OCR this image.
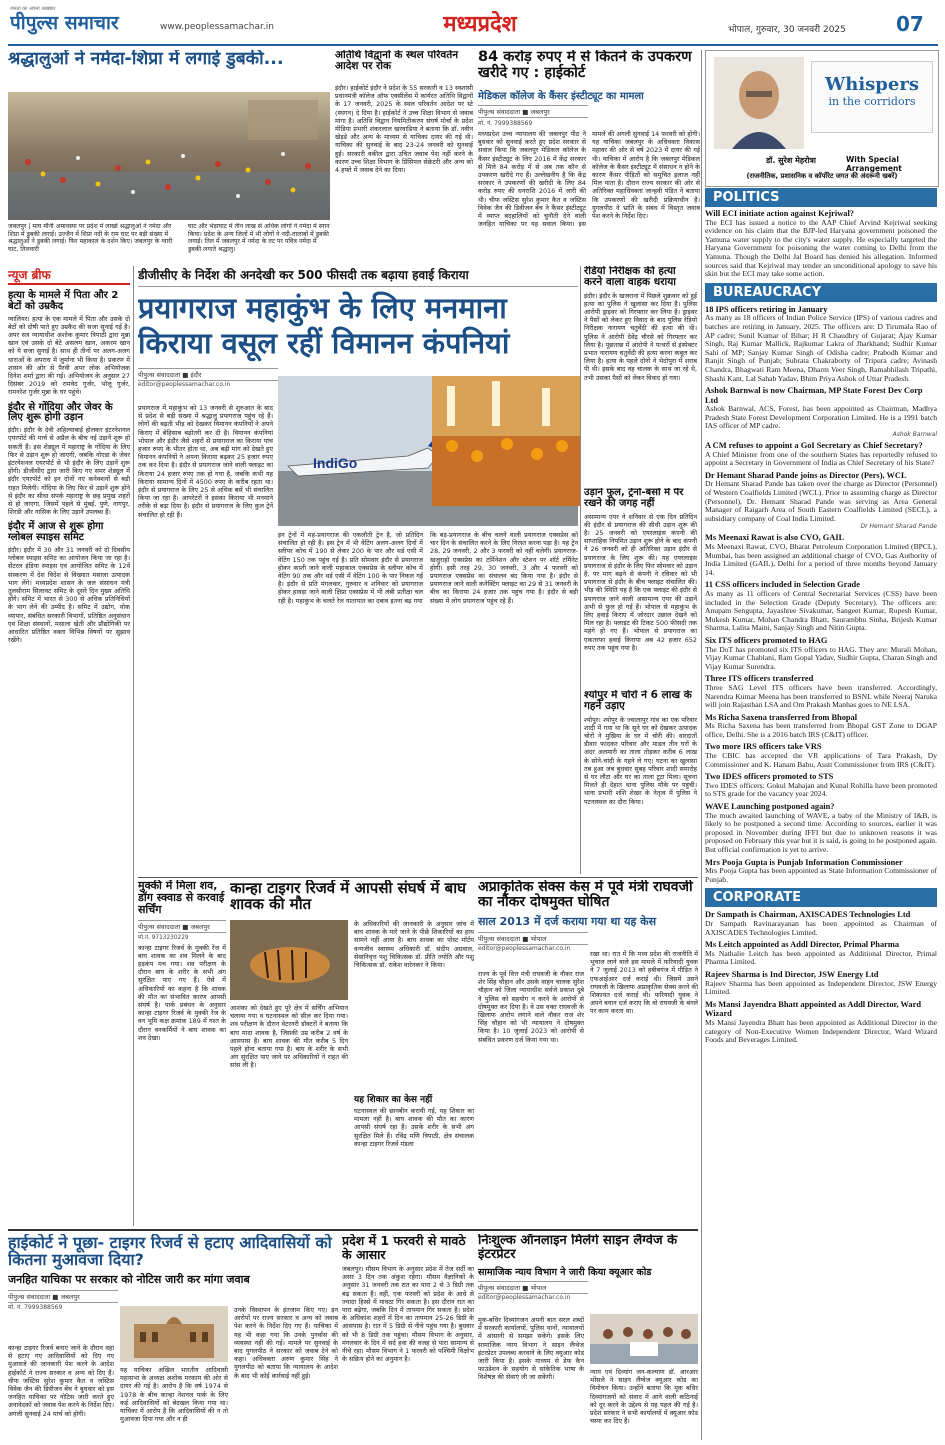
जनता का अपना अखबार
पीपुल्स समाचार	www.peoplessamachar.in	मध्यप्रदेश	भोपाल, गुरुवार, 30 जनवरी 2025	07
श्रद्धालुओं ने नर्मदा-शिप्रा में लगाई डुबकी...
जबलपुर | माघ मौनी अमावस्या पर प्रदेश में लाखों श्रद्धालुओं ने नर्मदा और शिप्रा में डुबकी लगाई। उज्जैन में शिप्रा नदी के राम घाट पर बड़ी संख्या में श्रद्धालुओं ने डुबकी लगाई। फिर महाकाल के दर्शन किए। जबलपुर के ग्वारी घाट, तिलवारी
घाट और भेड़ाघाट में तीन लाख से अधिक लोगों ने नर्मदा में स्नान किया। प्रदेश के अन्य जिलों में भी लोगों ने नदी-तालाबों में डुबकी लगाई। तिल में जबलपुर में नर्मदा के तट पर पवित्र नर्मदा में डुबकी लगाते श्रद्धालु।
अतिथि विद्वानों के स्थल परिवर्तन आदेश पर रोक
इंदौर। हाईकोर्ट इंदौर ने प्रदेश के 55 सरकारी व 13 स्वशासी प्रधानमंत्री कॉलेज ऑफ एक्सीलेंस में कार्यरत अतिथि विद्वानों के 17 जनवरी, 2025 के स्थल परिवर्तन आदेश पर स्टे (स्थगन) दे दिया है। हाईकोर्ट ने उच्च शिक्षा विभाग से जवाब मांगा है। अतिथि विद्वान नियमितीकरण संघर्ष मोर्चा के प्रदेश मीडिया प्रभारी शंकरलाल खरवाडिया ने बताया कि डॉ. नवीन खेड़डे और अन्य के माध्यम से याचिका दायर की गई थी। याचिका की सुनवाई के बाद 23-24 जनवरी को सुनवाई हुई। सरकारी वकील द्वारा उचित जवाब पेश नहीं करने के कारण उच्च शिक्षा विभाग के प्रिंसिपल सेक्रेटरी और अन्य को 4 हफ्ते में जवाब देने का दिया।
84 करोड़ रुपए में से कितने के उपकरण खरीदे गए : हाईकोर्ट
मेडिकल कॉलेज के कैंसर इंस्टीट्यूट का मामला
पीपुल्स संवाददाता ■ जबलपुर
मो. नं. 7999388569
मध्यप्रदेश उच्च न्यायालय की जबलपुर पीठ ने बुधवार को सुनवाई करते हुए प्रदेश सरकार से सवाल किया कि जबलपुर मेडिकल कॉलेज के कैंसर इंस्टीट्यूट के लिए 2016 में केंद्र सरकार से मिले 84 करोड़ में से अब तक कौन से उपकरण खरीदे गए हैं। उल्लेखनीय है कि केंद्र सरकार ने उपकरणों की खरीदी के लिए 84 करोड़ रुपए की धनराशि 2016 में जारी की थी। चीफ जस्टिस सुरेश कुमार कैत व जस्टिस विवेक जैन की डिवीजन बेंच ने कैंसर इंस्टीट्यूट में व्याप्त बदहालियों को चुनौती देने वाली जनहित याचिका पर यह सवाल किया। इस मामले की अगली सुनवाई 14 फरवरी को होगी। यह याचिका जबलपुर के अधिवक्ता विकास महावर की ओर से वर्ष 2023 में दायर की गई थी। याचिका में आरोप है कि जबलपुर मेडिकल कॉलेज के कैंसर इंस्टीट्यूट में संसाधन न होने के कारण कैंसर पीड़ितों को समुचित इलाज नहीं मिल पाता है। दौरान राज्य सरकार की ओर से अतिरिक्त महाधिवक्ता जान्हवी पंडित ने बताया कि उपकरणों की खरीदी प्रक्रियाधीन है। युगलपीठ ने भ्रांति के संबंध में विस्तृत जवाब पेश करने के निर्देश दिए।
Whispers
in the corridors
डॉ. सुरेश मेहरोत्रा	With Special Arrangement
(राजनीतिक, प्रशासनिक व कॉर्पोरेट जगत की अंदरूनी खबरें)
POLITICS
Will ECI initiate action against Kejriwal?
The ECI has issued a notice to the AAP Chief Arvind Kejriwal seeking evidence on his claim that the BJP-led Haryana government poisoned the Yamuna water supply to the city's water supply. He especially targeted the Haryana Government for poisoning the water coming to Delhi from the Yamuna. Though the Delhi Jal Board has denied his allegation. Informed sources said that Kejriwal may tender an unconditional apology to save his skin but the ECI may take some action.
BUREAUCRACY
18 IPS officers retiring in January
As many as 18 officers of Indian Police Service (IPS) of various cadres and batches are retiring in January, 2025. The officers are: D Tirumala Rao of AP cadre; Sunil Kumar of Bihar; H R Chaudhry of Gujarat; Ajay Kumar Singh, Raj Kumar Mallick, Rajkumar Lakra of Jharkhand; Sudhir Kumar Sahi of MP; Sanjay Kumar Singh of Odisha cadre; Prabodh Kumar and Ranjit Singh of Punjab; Subrata Chakraborty of Tripura cadre; Avinash Chandra, Bhagwati Ram Meena, Dharm Veer Singh, Ramabhilash Tripathi, Shashi Kant, Lal Sahab Yadav, Bhim Priya Ashok of Uttar Pradesh.
Ashok Barnwal is now Chairman, MP State Forest Dev Corp Ltd
Ashok Barnwal, ACS, Forest, has been appointed as Chairman, Madhya Pradesh State Forest Development Corporation Limited. He is a 1991 batch IAS officer of MP cadre.
Ashok Barnwal
A CM refuses to appoint a GoI Secretary as Chief Secretary?
A Chief Minister from one of the southern States has reportedly refused to appoint a Secretary in Government of India as Chief Secretary of his State?
Dr Hemant Sharad Pande joins as Director (Pers), WCL
Dr Hemant Sharad Pande has taken over the charge as Director (Personnel) of Western Coalfields Limited (WCL). Prior to assuming charge as Director (Personnel), Dr. Hemant Sharad Pande was serving as Area General Manager of Raigarh Area of South Eastern Coalfields Limited (SECL), a subsidiary company of Coal India Limited.
Dr Hemant Sharad Pande
Ms Meenaxi Rawat is also CVO, GAIL
Ms Meenaxi Rawat, CVO, Bharat Petroleum Corporation Limited (BPCL), Mumbai, has been assigned an additional charge of CVO, Gas Authority of India Limited (GAIL), Delhi for a period of three months beyond January 14.
11 CSS officers included in Selection Grade
As many as 11 officers of Central Secretariat Services (CSS) have been included in the Selection Grade (Deputy Secretary). The officers are: Anupam Sengupta, Jayashree Sivakumar, Sangeet Kumar, Rupesh Kumar, Mukesh Kumar, Mohan Chandra Bhatt, Saurambhu Sinha, Brijesh Kumar Sharma, Lalita Maini, Sanjay Singh and Nitin Gupta.
Six ITS officers promoted to HAG
The DoT has promoted six ITS officers to HAG. They are: Murali Mohan, Vijay Kumar Chablani, Ram Gopal Yadav, Sudhir Gupta, Charan Singh and Vijay Kumar Surendra.
Three ITS officers transferred
Three SAG Level ITS officers have been transferred. Accordingly, Narendra Kumar Meena has been transferred to BSNL while Neeraj Naruka will join Rajasthan LSA and Om Prakash Manhas goes to NE LSA.
Ms Richa Saxena transferred from Bhopal
Ms Richa Saxena has been transferred from Bhopal GST Zone to DGAP office, Delhi. She is a 2016 batch IRS (C&IT) officer.
Two more IRS officers take VRS
The CBIC has accepted the VR applications of Tara Prakash, Dy Commissioner and K. Hanam Babu, Asstt Commissioner from IRS (C&IT).
Two IDES officers promoted to STS
Two IDES officers: Gokul Mahajan and Kunal Rohilla have been promoted to STS grade for the vacancy year 2024.
WAVE Launching postponed again?
The much awaited launching of WAVE, a baby of the Ministry of I&B, is likely to be postponed a second time. According to sources, earlier it was proposed in November during IFFI but due to unknown reasons it was proposed on February this year but it is said, is going to be postponed again. But official confirmation is yet to arrive.
Mrs Pooja Gupta is Punjab Information Commissioner
Mrs Pooja Gupta has been appointed as State Information Commissioner of Punjab.
CORPORATE
Dr Sampath is Chairman, AXISCADES Technologies Ltd
Dr Sampath Ravinarayanan has been appointed as Chairman of AXISCADES Technologies Limited.
Ms Leitch appointed as Addl Director, Primal Pharma
Ms Nathalie Leitch has been appointed as Additional Director, Primal Pharma Limited.
Rajeev Sharma is Ind Director, JSW Energy Ltd
Rajeev Sharma has been appointed as Independent Director, JSW Energy Limited.
Ms Mansi Jayendra Bhatt appointed as Addl Director, Ward Wizard
Ms Mansi Jayendra Bhatt has been appointed as Additional Director in the category of Non-Executive Women Independent Director, Ward Wizard Foods and Beverages Limited.
न्यूज ब्रीफ
हत्या के मामले में पिता और 2 बेटों को उम्रकैद
ग्वालियर। हत्या के एक मामले में पिता और उसके दो बेटों को दोषी पाते हुए उम्रकैद की सजा सुनाई गई है। अपर सत्र न्यायाधीश अशोक कुमार त्रिपाठी द्वारा मुन्ना खान एवं उसके दो बेटे असलम खान, अकरम खान को ये सजा सुनाई है। साथ ही तीनों पर अलग-अलग धाराओं के अपराध में जुर्माना भी किया है। प्रकरण में शासन की ओर से पैरवी अपर लोक अभियोजक दिनेश शर्मा द्वारा की गई। अभियोजन के अनुसार 27 दिसंबर 2019 को रामवेद गुर्जर, भोलू गुर्जर, रामनरेश गुर्जर मुन्ना के घर पहुंचे।
इंदौर से गोंदिया और जेवर के लिए शुरू होगी उड़ान
इंदौर। इंदौर के देवी अहिल्याबाई होलकर इंटरनेशनल एयरपोर्ट की मार्च से अप्रैल के बीच नई उड़ानें शुरू हो सकती हैं। इस शेड्यूल में महाराष्ट्र के गोंदिया के लिए फिर से उड़ान शुरू हो जाएगी, जबकि नोएडा के जेवर इंटरनेशनल एयरपोर्ट से भी इंदौर के लिए उड़ानें शुरू होंगी। डीजीसीए द्वारा जारी किए गए समर शेड्यूल में इंदौर एयरपोर्ट को इन दोनों नए कनेक्शनों से बड़ी राहत मिलेगी। गोंदिया के लिए फिर से उड़ानें शुरू होने से इंदौर का सीधा संपर्क महाराष्ट्र के छह प्रमुख शहरों से हो जाएगा, जिसमें पहले से मुंबई, पुणे, नागपुर, शिरडी और नासिक के लिए उड़ानें उपलब्ध हैं।
इंदौर में आज से शुरू होगा ग्लोबल स्पाइस समिट
इंदौर। इंदौर में 30 और 31 जनवरी को दो दिवसीय ग्लोबल स्पाइस समिट का आयोजन किया जा रहा है। सेंटरल इंडिया स्पाइस एवं आयोजित समिट के 12वें संस्करण में देश विदेश से विख्यात मसाला उत्पादक भाग लेंगे। मध्यप्रदेश शासन के जल संसाधन मंत्री तुलसीराम सिलावट समिट के दूसरे दिन मुख्य अतिथि होंगे। समिट में भारत से 300 से अधिक प्रतिनिधियों के भाग लेने की उम्मीद है। समिट में उद्योग, थोक व्यापार, संबंधित सरकारी विभागों, प्रतिष्ठित अनुसंधान एवं शिक्षा संस्थानों, मसाला खेती और प्रौद्योगिकी पर आधारित प्रतिष्ठित वक्ता विभिन्न विषयों पर सुझाव रखेंगे।
डीजीसीए के निर्देश की अनदेखी कर 500 फीसदी तक बढ़ाया हवाई किराया
प्रयागराज महाकुंभ के लिए मनमाना
किराया वसूल रहीं विमानन कंपनियां
पीपुल्स संवाददाता ■ इंदौर
editor@peoplessamachar.co.in
IndiGo
प्रयागराज में महाकुंभ को 13 जनवरी से शुरुआत के बाद से प्रदेश से बड़ी संख्या में श्रद्धालु प्रयागराज पहुंच रहे हैं। लोगों की बढ़ती भीड़ को देखकर विमानन कंपनियों ने अपने किराए में बेहिसाब बढ़ोतरी कर दी है। विमानन कंपनियां भोपाल और इंदौर जैसे शहरों से प्रयागराज का किराया पांच हजार रुपए के भीतर होता था, अब बढ़ी मांग को देखते हुए विमानन कंपनियों ने अपना किराया बढ़कर 25 हजार रुपए तक कर दिया है। इंदौर से प्रयागराज जाने वाली फ्लाइट का किराया 24 हजार रुपए तक हो गया है, जबकि कभी यह किराया सामान्य दिनों में 4500 रुपए के करीब रहता था। इंदौर से प्रयागराज के लिए 25 से अधिक बसें भी संचालित किया जा रहा है। आपरेटरों ने इसका किराया भी मनमाने तरीके से बढ़ा दिया है। इंदौर से प्रयागराज के लिए कुल ट्रेनें संचालित हो रही हैं।
इन ट्रेनों में मह-प्रयागराज की एकलौती ट्रेन है, जो प्रतिदिन संचालित हो रही है। इस ट्रेन में भी वेटिंग अलग-अलग दिनों में स्लीपर कोच में 190 से लेकर 200 के पार और थर्ड एसी में वेटिंग 150 तक पहुंच गई है। प्रति सोमवार इंदौर से प्रयागराज होकर काशी जाने वाली महाकाल एक्सप्रेस के स्लीपर कोच में वेटिंग 90 तक और थर्ड एसी में वेटिंग 100 के पार निकल गई है। इंदौर से प्रति मंगलवार, गुरुवार व शनिवार को प्रयागराज होकर हावड़ा जाने वाली क्षिप्रा एक्सप्रेस में भी लंबी प्रतीक्षा चल रही है। महाकुंभ के चलते रेल यातायात का दबाव इतना बढ़ गया
कि बड़-प्रयागराज के बीच चलने वाली प्रयागराज एक्सप्रेस को चार दिन के संचालित करने के लिए निरस्त करना पड़ा है। यह ट्रेन 28, 29 जनवरी, 2 और 3 फरवरी को नहीं चलेगी। प्रयागराज-खजुराहो एक्सप्रेस का टर्मिनेशन और स्टेशन पर शॉर्ट टर्मिनेट होगी। इसी तरह 29, 30 जनवरी, 3 और 4 फरवरी को प्रयागराज एक्सप्रेस का संचालन बंद किया गया है। इंदौर से प्रयागराज जाने वाली कनेक्टिंग फ्लाइट का 29 से 31 जनवरी के बीच का किराया 24 हजार तक पहुंच गया है। इंदौर से बड़ी संख्या में लोग प्रयागराज पहुंच रहे हैं।
उड़ानें फुल, ट्रेनों-बसों में पैर रखने की जगह नहीं
असामान्य एयर ने शनिवार से एक दिन प्रतिदिन की इंदौर से प्रयागराज की सीधी उड़ान शुरू की है। 25 जनवरी को एयरलाइंस कंपनी की साप्ताहिक नियमित उड़ान शुरू होने के बाद कंपनी ने 26 जनवरी को ही अतिरिक्त उड़ान इंदौर से प्रयागराज के लिए शुरू की। यह एयरलाइंस प्रयागराज से इंदौर के लिए फिर सोमवार को उड़ान है, पर माग बढ़ने से कंपनी ने रविवार को भी प्रयागराज से इंदौर के बीच फ्लाइट संचालित की। भीड़ की स्थिति यह है कि एक फ्लाइट की इंदौर से प्रयागराज जाने वाली असामान्य एयर की उड़ानें अभी से फुल हो गई हैं। भोपाल से महाकुंभ के लिए हवाई किराए में जोरदार उछाल देखने को मिल रहा है। फ्लाइट की टिकट 500 फीसदी तक महंगे हो गए हैं। भोपाल से प्रयागराज का एकतरफा हवाई किराया अब 42 हजार 652 रुपए तक पहुंच गया है।
रेडियो निरीक्षक की हत्या करने वाला वाहक धराया
इंदौर। इंदौर के खजराना में पिछले शुक्रवार को हुई हत्या का पुलिस ने खुलासा कर दिया है। पुलिस आरोपी ड्राइवर को गिरफ्तार कर लिया है। ड्राइवर ने पैसों को लेकर हुए विवाद के बाद पुलिस रेडियो निरीक्षक नारायण चतुर्वेदी की हत्या की थी। पुलिस ने आरोपी देवेंद्र चौरसे को गिरफ्तार कर लिया है। पूछताछ में आरोपी ने पत्थरों से इंस्पेक्टर प्रभात नारायण चतुर्वेदी की हत्या करना कबूल कर लिया है। हत्या के पहले दोनों ने भेदोपुरा में शराब पी थी। इसके बाद वह चालक के साथ जा रहे थे, तभी उसका पैसों को लेकर विवाद हो गया।
श्योपुर में चोरों ने 6 लाख के गहने उड़ाए
श्योपुर। श्योपुर के ज्वालापुर गांव का एक परिवार शादी में गया था कि सूने घर को देखकर उत्पादक चोरों ने मुखिया के घर में चोरी की। वारदातों डीवार फांदकर परिवार और माडल तीन घरों के अंदर अलमारी का ताला तोड़कर करीब 6 लाख के सोने-चांदी के गहने ले गए। घटना का खुलासा तब हुआ जब बुधवार सुबह परिवार शादी समारोह से घर लौटा और घर का ताला टूटा मिला। सूचना मिलते ही देहात थाना पुलिस मौके पर पहुंची। थाना प्रभारी शशि शेखर के नेतृत्व में पुलिस ने पटनास्थल का दौरा किया।
मुक्की में मिला शव, डॉग स्क्वाड से करवाई सर्चिंग
पीपुल्स संवाददाता ■ जबलपुर
मो.नं. 9713230229
कान्हा टाइगर रिजर्व के मुक्की रेंज में बाघ शावक का शव मिलने के बाद हड़कंप मच गया। शव परीक्षण के दौरान बाघ के शरीर के सभी अंग सुरक्षित पाए गए हैं। ऐसे में अधिकारियों का कहना है कि शावक की मौत का संभावित कारण आपसी संघर्ष है। पार्क प्रबंधन के अनुसार कान्हा टाइगर रिजर्व के मुक्की रेंज के वन भूमि कक्ष क्रमांक 189 में गश्त के दौरान वनकर्मियों ने बाघ शावक का शव देखा।
कान्हा टाइगर रिजर्व में आपसी संघर्ष में बाघ शावक की मौत
आशंका को देखते हुए पूरे क्षेत्र में सर्चिंग अभियान चलाया गया व घटनास्थल को सील कर दिया गया। शव परीक्षण के दौरान वेटरनरी डॉक्टरों ने बताया कि बाघ मादा शावक है, जिसकी उम्र करीब 2 वर्ष के आसपास है। बाघ शावक की मौत करीब 5 दिन पहले होना बताया गया है। बाघ के शरीर के सभी अंग सुरक्षित पाए जाने पर अधिकारियों ने राहत की सांस ली है।
के अधिकारियों की जानकारी के अनुसार जांच में बाघ शावक के मारे जाने के पीछे शिकारियों का हाथ सामने नहीं आया है। बाघ शावक का पोस्ट मॉर्टम वन्यजीव स्वास्थ्य अधिकारी डॉ. संदीप अग्रवाल, सेवानिवृत्त पशु चिकित्सक डॉ. प्रीति ज्योति और पशु चिकित्सक डॉ. राकेश वारेनकर ने किया।
यह शिकार का केस नहीं
घटनास्थल की छानबीन करायी गई, यह शिकार का मामला नहीं है। बाघ शावक की मौत का कारण आपसी संघर्ष रहा है। उसके शरीर के सभी अंग सुरक्षित मिले हैं। रविंद्र मणि त्रिपाठी, क्षेत्र संचालक कान्हा टाइगर रिजर्व मंडला
अप्राकृतिक सेक्स केस में पूर्व मंत्री राघवजी का नौकर दोषमुक्त घोषित
साल 2013 में दर्ज कराया गया था यह केस
पीपुल्स संवाददाता ■ भोपाल
editor@peoplessamachar.co.in
राज्य के पूर्व वित्त मंत्री राघवजी के नौकर राज शेर सिंह चौहान और उसके वाहन चालक सुरेश चौहान को जिला न्यायाधीश सर्वजे प्रकाश दुबे ने पुलिस को सहयोग न करने के आरोपों से दोषमुक्त कर दिया है। वे उस वक्त राघवजी के खिलाफ आरोप लगाने वाले नौकर राज शेर सिंह चौहान को भी न्यायालय ने दोषमुक्त किया है। 10 जुलाई 2023 को आरोपी से संबंधित प्रकरण दर्ज किया गया था।
रखा था। रात में कि मध्य प्रदेश की राजनीति में भूचाल लाने वाले इस मामले में फरियादी युवक ने 7 जुलाई 2013 को हबीबगंज में पीड़ित ने एफआईआर दर्ज कराई थी। जिसमें उसने राघवजी के खिलाफ अप्राकृतिक सेक्स करने की शिकायत दर्ज कराई थी। फरियादी युवक ने अपने बयान दर्ज कराए कि वो राघवजी के बंगले पर काम करता था।
हाईकोर्ट ने पूछा- टाइगर रिजर्व से हटाए आदिवासियों को कितना मुआवजा दिया?
जनहित याचिका पर सरकार को नोटिस जारी कर मांगा जवाब
पीपुल्स संवाददाता ■ जबलपुर
मो. नं. 7999388569
कान्हा टाइगर रिजर्व बनाए जाने के दौरान वहां से हटाए गए आदिवासियों को दिए गए मुआवजे की जानकारी पेश करने के आदेश हाईकोर्ट ने राज्य सरकार व अन्य को दिए हैं। चीफ जस्टिस सुरेश कुमार कैत व जस्टिस विवेक जैन की डिवीजन बेंच ने बुधवार को इस जनहित याचिका पर नोटिस जारी करते हुए अनावेदकों को जवाब पेश करने के निर्देश दिए। अगली सुनवाई 24 मार्च को होगी।
यह याचिका अखिल भारतीय आदिवासी महासभा के अध्यक्ष अशोक मरकाम की ओर से दायर की गई है। आरोप है कि वर्ष 1974 से 1978 के बीच कान्हा नेशनल पार्क के लिए कई आदिवासियों को बेदखल किया गया था। याचिका में आरोप है कि आदिवासियों की न तो मुआवजा दिया गया और न ही
उनके विस्थापन के इंतजाम किए गए। इन आरोपों पर राज्य सरकार व अन्य को जवाब पेश करने के निर्देश दिए गए हैं। याचिका में यह भी कहा गया कि उनके पुनर्वास की व्यवस्था नहीं की गई। मामले पर सुनवाई के बाद युगलपीठ ने सरकार को जवाब देने को कहा। अधिवक्ता अरुण कुमार सिंह ने युगलपीठ को बताया कि न्यायालय के आदेश के बाद भी कोई कार्रवाई नहीं हुई।
प्रदेश में 1 फरवरी से मावठे के आसार
जबलपुर। मौसम विभाग के अनुसार प्रदेश में तेज सर्दी का असर 3 दिन तक अंकुश रहेगा। मौसम वैज्ञानिकों के अनुसार 31 जनवरी तक रात का पारा 2 से 3 डिग्री तक बढ़ सकता है। वहीं, एक फरवरी को प्रदेश के आधे से ज्यादा हिस्से में मावठा गिर सकता है। इस दौरान रात का पारा बढ़ेगा, जबकि दिन में तापमान गिर सकता है। प्रदेश के अधिकांश शहरों में दिन का तापमान 25-26 डिग्री के आसपास है। रात में 5 डिग्री से नीचे पहुंच गया है। बुधवार को भी 8 डिग्री तक पहुंचा। मौसम विभाग के अनुसार, मंगलवार के दिन में सर्द हवा की वजह से पारा सामान्य से नीचे रहा। मौसम विभाग ने 1 फरवरी को पश्चिमी विक्षोभ के सक्रिय होने का अनुमान है।
निःशुल्क ऑनलाइन मिलेंगे साइन लैंग्वेज के इंटरप्रेटर
सामाजिक न्याय विभाग ने जारी किया क्यूआर कोड
पीपुल्स संवाददाता ■ भोपाल
editor@peoplessamachar.co.in
मूक-बधिर दिव्यांगजन अपनी बात सरल शब्दों में सरकारी कार्यालयों, पुलिस थानों, न्यायालयों में आसानी से समझा सकेंगे। इसके लिए सामाजिक न्याय विभाग ने साइन लैंग्वेज इंटरप्रेटर उपलब्ध करवाने के लिए क्यूआर कोड जारी किया है। इसके माध्यम से डेफ कैन फाउंडेशन के सहयोग से सांकेतिक भाषा के विशेषज्ञ की सेवाएं ली जा सकेंगी।
न्याय एवं दिव्यांग जन-कल्याण डॉ. आरआर भोंसले ने साइन लैंग्वेज क्यूआर कोड का विमोचन किया। उन्होंने बताया कि मूक बधिर दिव्यांगजनों को संवाद में आने वाली कठिनाई को दूर करने के उद्देश्य से यह पहल की गई है। प्रदेश सरकार ने सभी कार्यालयों में क्यूआर कोड चस्पा कर दिए हैं।
